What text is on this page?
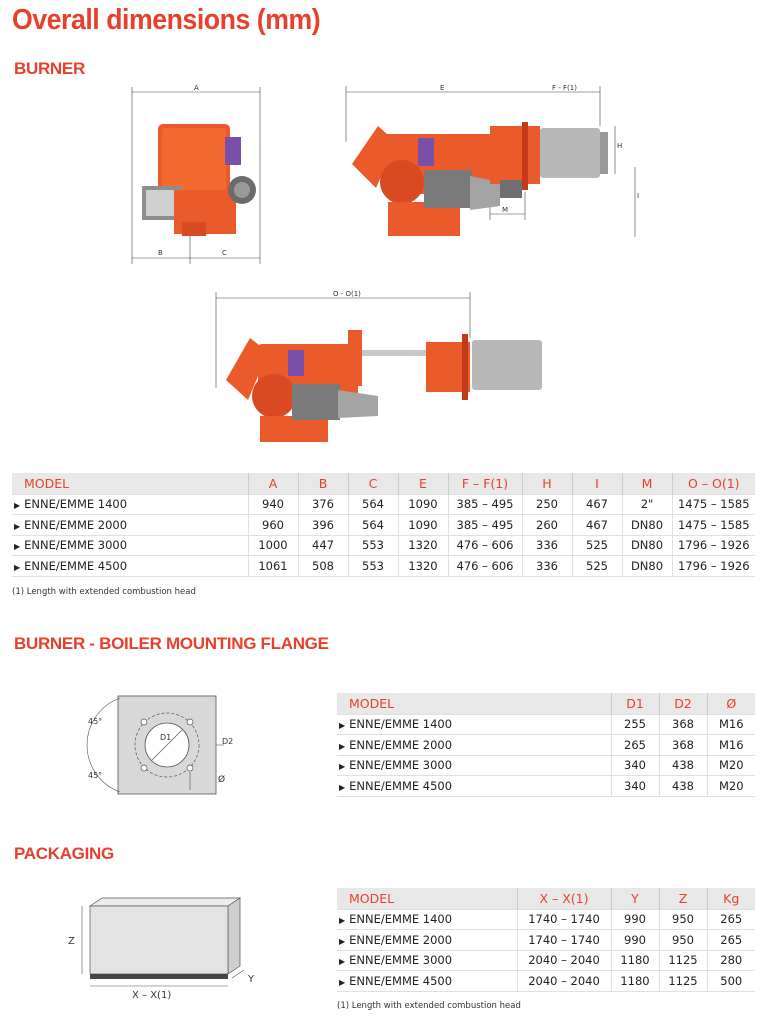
Overall dimensions (mm)
BURNER
A
B	C
E	F - F(1)
H
I
M
O - O(1)
MODEL	A	B	C	E	F – F(1)	H	I	M	O – O(1)
▶ ENNE/EMME 1400	940	376	564	1090	385 – 495	250	467	2"	1475 – 1585
▶ ENNE/EMME 2000	960	396	564	1090	385 – 495	260	467	DN80	1475 – 1585
▶ ENNE/EMME 3000	1000	447	553	1320	476 – 606	336	525	DN80	1796 – 1926
▶ ENNE/EMME 4500	1061	508	553	1320	476 – 606	336	525	DN80	1796 – 1926
(1) Length with extended combustion head
BURNER - BOILER MOUNTING FLANGE
45°
45°
D1	D2
Ø
MODEL	D1	D2	Ø
▶ ENNE/EMME 1400	255	368	M16
▶ ENNE/EMME 2000	265	368	M16
▶ ENNE/EMME 3000	340	438	M20
▶ ENNE/EMME 4500	340	438	M20
PACKAGING
Z
Y
X – X(1)
MODEL	X – X(1)	Y	Z	Kg
▶ ENNE/EMME 1400	1740 – 1740	990	950	265
▶ ENNE/EMME 2000	1740 – 1740	990	950	265
▶ ENNE/EMME 3000	2040 – 2040	1180	1125	280
▶ ENNE/EMME 4500	2040 – 2040	1180	1125	500
(1) Length with extended combustion head
